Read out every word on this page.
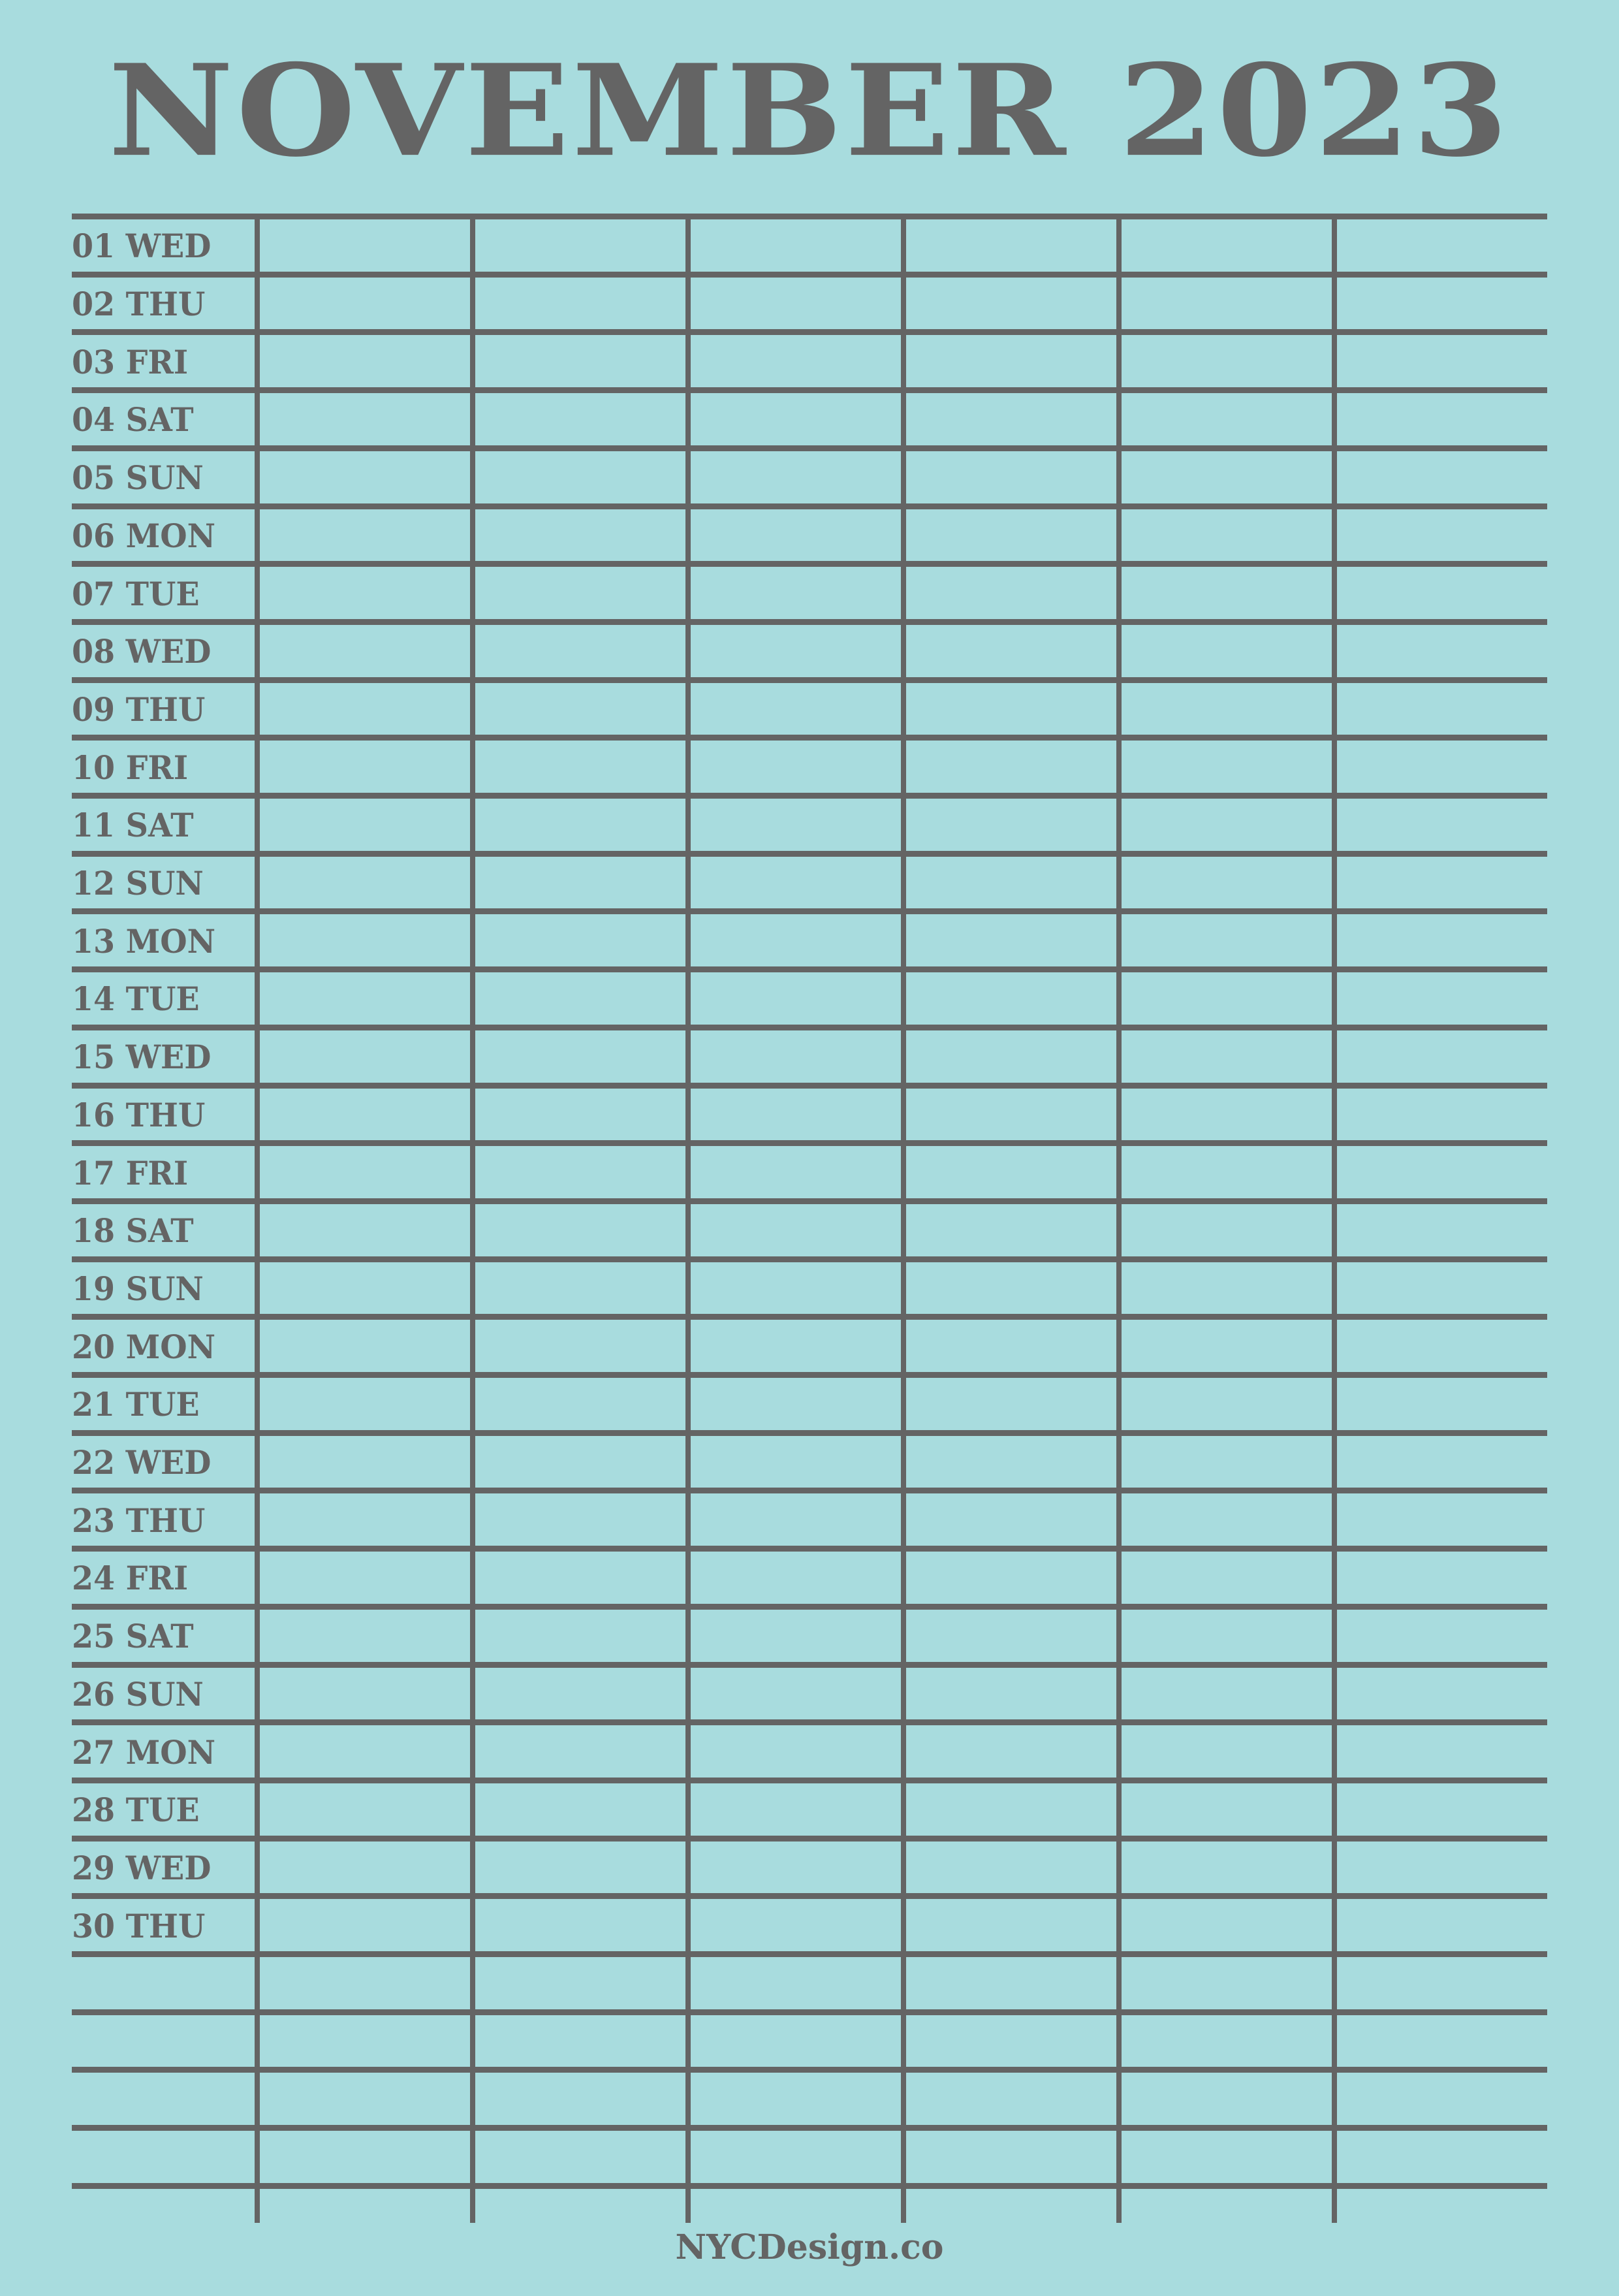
NOVEMBER 2023
01 WED
02 THU
03 FRI
04 SAT
05 SUN
06 MON
07 TUE
08 WED
09 THU
10 FRI
11 SAT
12 SUN
13 MON
14 TUE
15 WED
16 THU
17 FRI
18 SAT
19 SUN
20 MON
21 TUE
22 WED
23 THU
24 FRI
25 SAT
26 SUN
27 MON
28 TUE
29 WED
30 THU
NYCDesign.co
